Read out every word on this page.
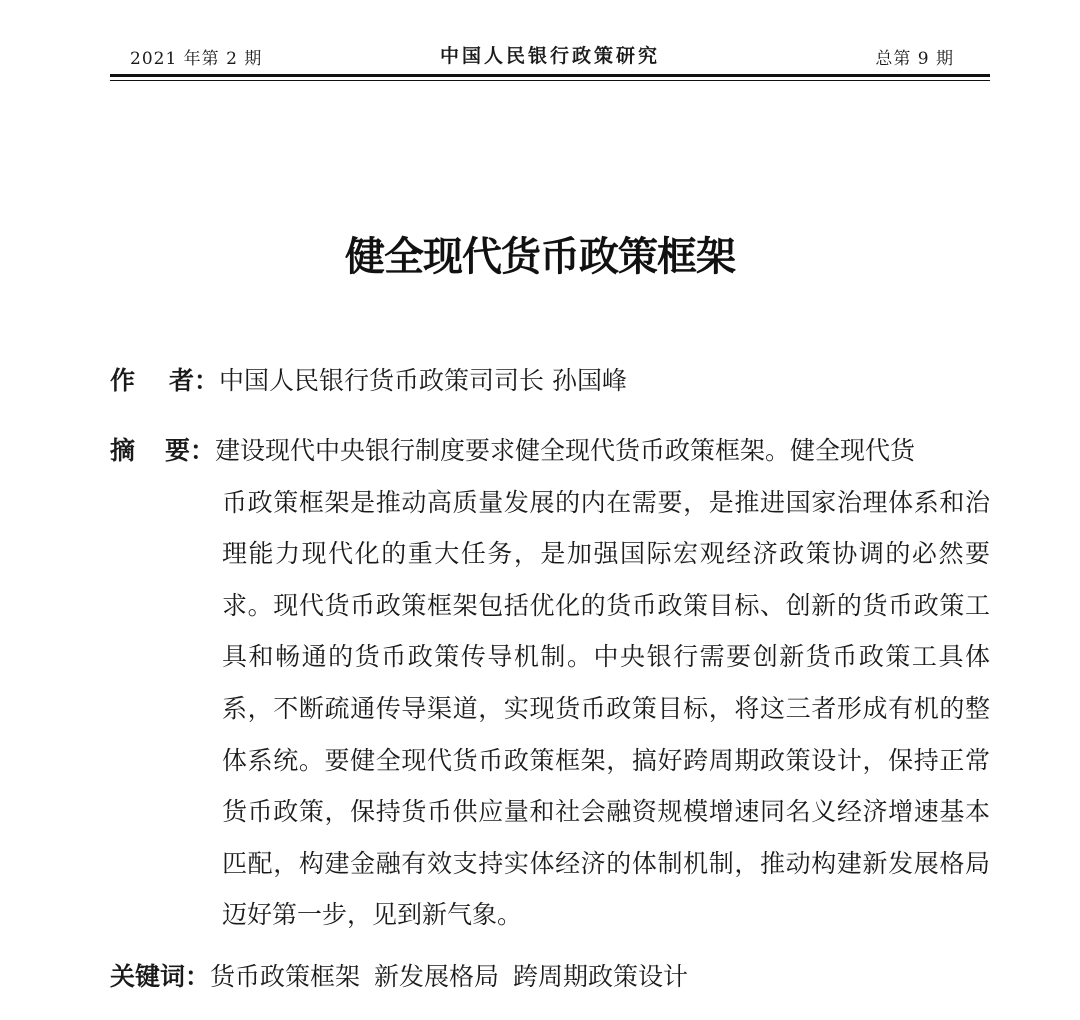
2021 年第 2 期	中国人民银行政策研究	总第 9 期
健全现代货币政策框架
作 者：中国人民银行货币政策司司长 孙国峰
摘 要：建设现代中央银行制度要求健全现代货币政策框架。健全现代货
币政策框架是推动高质量发展的内在需要，是推进国家治理体系和治理能力现代化的重大任务，是加强国际宏观经济政策协调的必然要求。现代货币政策框架包括优化的货币政策目标、创新的货币政策工具和畅通的货币政策传导机制。中央银行需要创新货币政策工具体系，不断疏通传导渠道，实现货币政策目标，将这三者形成有机的整体系统。要健全现代货币政策框架，搞好跨周期政策设计，保持正常货币政策，保持货币供应量和社会融资规模增速同名义经济增速基本匹配，构建金融有效支持实体经济的体制机制，推动构建新发展格局迈好第一步，见到新气象。
关键词：货币政策框架 新发展格局 跨周期政策设计
